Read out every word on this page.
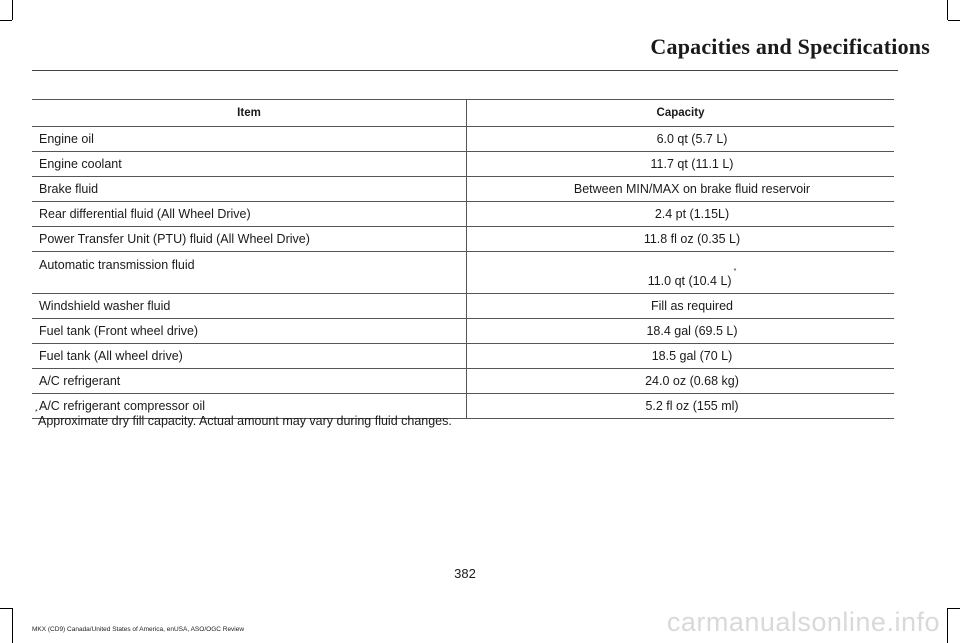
Capacities and Specifications
Item	Capacity
Engine oil	6.0 qt (5.7 L)
Engine coolant	11.7 qt (11.1 L)
Brake fluid	Between MIN/MAX on brake fluid reservoir
Rear differential fluid (All Wheel Drive)	2.4 pt (1.15L)
Power Transfer Unit (PTU) fluid (All Wheel Drive)	11.8 fl oz (0.35 L)
Automatic transmission fluid	11.0 qt (10.4 L)*
Windshield washer fluid	Fill as required
Fuel tank (Front wheel drive)	18.4 gal (69.5 L)
Fuel tank (All wheel drive)	18.5 gal (70 L)
A/C refrigerant	24.0 oz (0.68 kg)
A/C refrigerant compressor oil	5.2 fl oz (155 ml)
*
Approximate dry fill capacity. Actual amount may vary during fluid changes.
382
MKX (CD9) Canada/United States of America, enUSA, ASO/OGC Review	carmanualsonline.info
